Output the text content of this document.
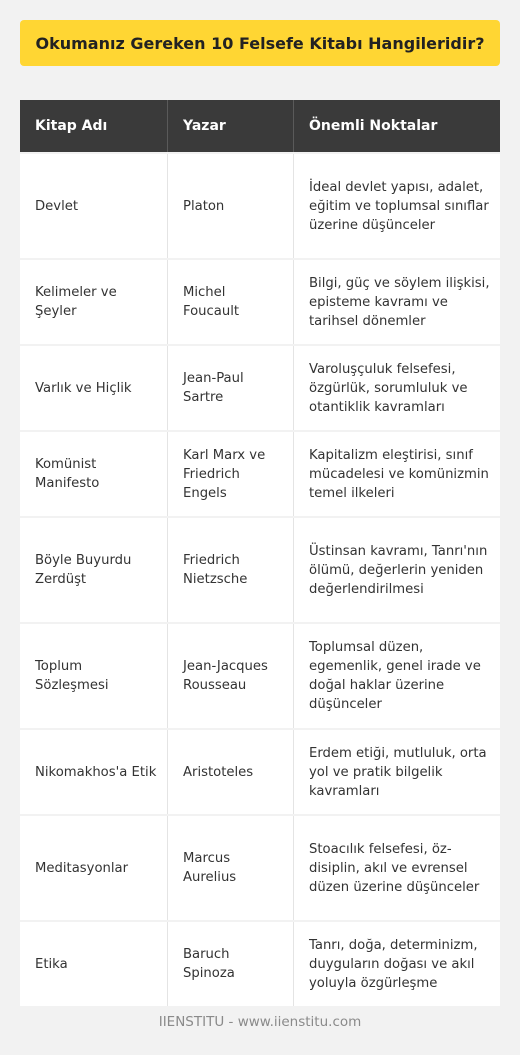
Okumanız Gereken 10 Felsefe Kitabı Hangileridir?
Kitap Adı	Yazar	Önemli Noktalar
Devlet	Platon	İdeal devlet yapısı, adalet, eğitim ve toplumsal sınıflar üzerine düşünceler
Kelimeler ve Şeyler	Michel Foucault	Bilgi, güç ve söylem ilişkisi, episteme kavramı ve tarihsel dönemler
Varlık ve Hiçlik	Jean-Paul Sartre	Varoluşçuluk felsefesi, özgürlük, sorumluluk ve otantiklik kavramları
Komünist Manifesto	Karl Marx ve Friedrich Engels	Kapitalizm eleştirisi, sınıf mücadelesi ve komünizmin temel ilkeleri
Böyle Buyurdu Zerdüşt	Friedrich Nietzsche	Üstinsan kavramı, Tanrı'nın ölümü, değerlerin yeniden değerlendirilmesi
Toplum Sözleşmesi	Jean-Jacques Rousseau	Toplumsal düzen, egemenlik, genel irade ve doğal haklar üzerine düşünceler
Nikomakhos'a Etik	Aristoteles	Erdem etiği, mutluluk, orta yol ve pratik bilgelik kavramları
Meditasyonlar	Marcus Aurelius	Stoacılık felsefesi, öz-disiplin, akıl ve evrensel düzen üzerine düşünceler
Etika	Baruch Spinoza	Tanrı, doğa, determinizm, duyguların doğası ve akıl yoluyla özgürleşme
IIENSTITU - www.iienstitu.com
